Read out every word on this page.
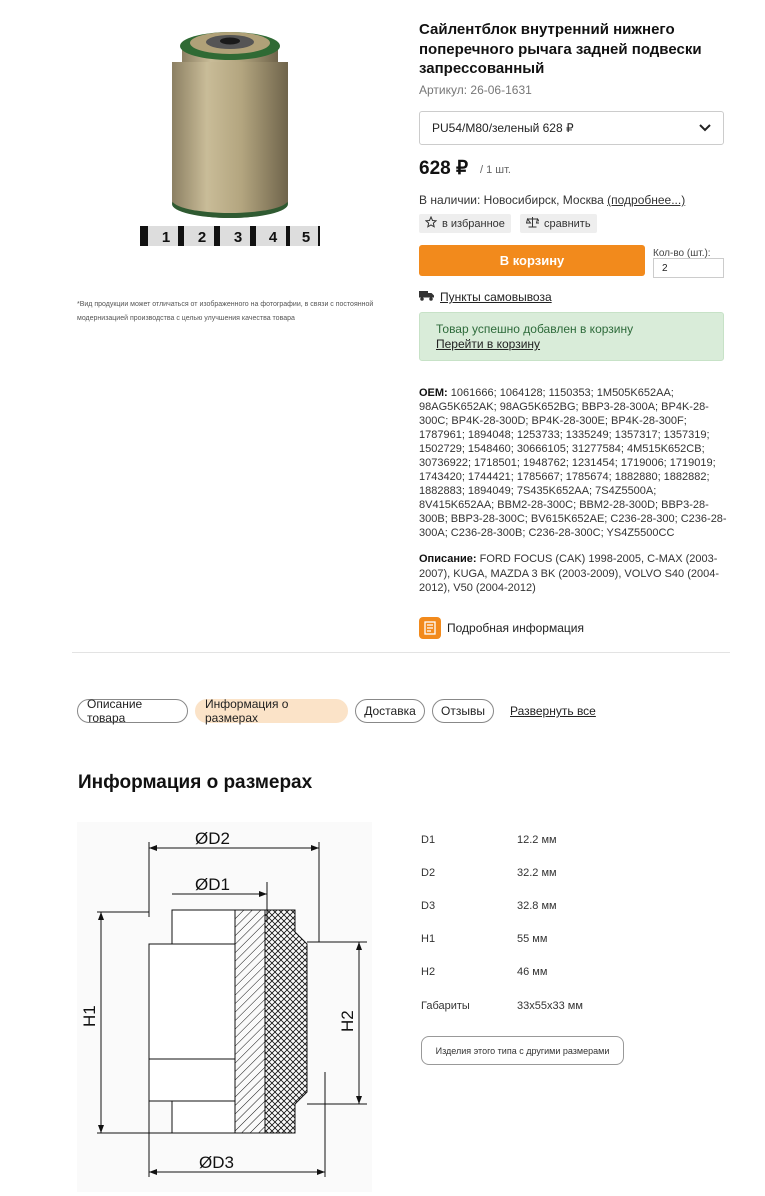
1 2 3 4 5
*Вид продукции может отличаться от изображенного на фотографии, в связи с постоянной модернизацией производства с целью улучшения качества товара
Сайлентблок внутренний нижнего поперечного рычага задней подвески запрессованный
Артикул: 26-06-1631
PU54/M80/зеленый 628 ₽
628 ₽ / 1 шт.
В наличии: Новосибирск, Москва (подробнее...)
в избранное	сравнить
В корзину	Кол-во (шт.):
2
Пункты самовывоза
Товар успешно добавлен в корзину
Перейти в корзину
OEM: 1061666; 1064128; 1150353; 1M505K652AA; 98AG5K652AK; 98AG5K652BG; BBP3-28-300A; BP4K-28-300C; BP4K-28-300D; BP4K-28-300E; BP4K-28-300F; 1787961; 1894048; 1253733; 1335249; 1357317; 1357319; 1502729; 1548460; 30666105; 31277584; 4M515K652CB; 30736922; 1718501; 1948762; 1231454; 1719006; 1719019; 1743420; 1744421; 1785667; 1785674; 1882880; 1882882; 1882883; 1894049; 7S435K652AA; 7S4Z5500A; 8V415K652AA; BBM2-28-300C; BBM2-28-300D; BBP3-28-300B; BBP3-28-300C; BV615K652AE; C236-28-300; C236-28-300A; C236-28-300B; C236-28-300C; YS4Z5500CC
Описание: FORD FOCUS (CAK) 1998-2005, C-MAX (2003-2007), KUGA, MAZDA 3 BK (2003-2009), VOLVO S40 (2004-2012), V50 (2004-2012)
Подробная информация
Описание товара
Информация о размерах	Доставка	Отзывы	Развернуть все
Информация о размерах
ØD2
ØD1
H1	H2
ØD3
D1	12.2 мм
D2	32.2 мм
D3	32.8 мм
H1	55 мм
H2	46 мм
Габариты	33x55x33 мм
Изделия этого типа с другими размерами
